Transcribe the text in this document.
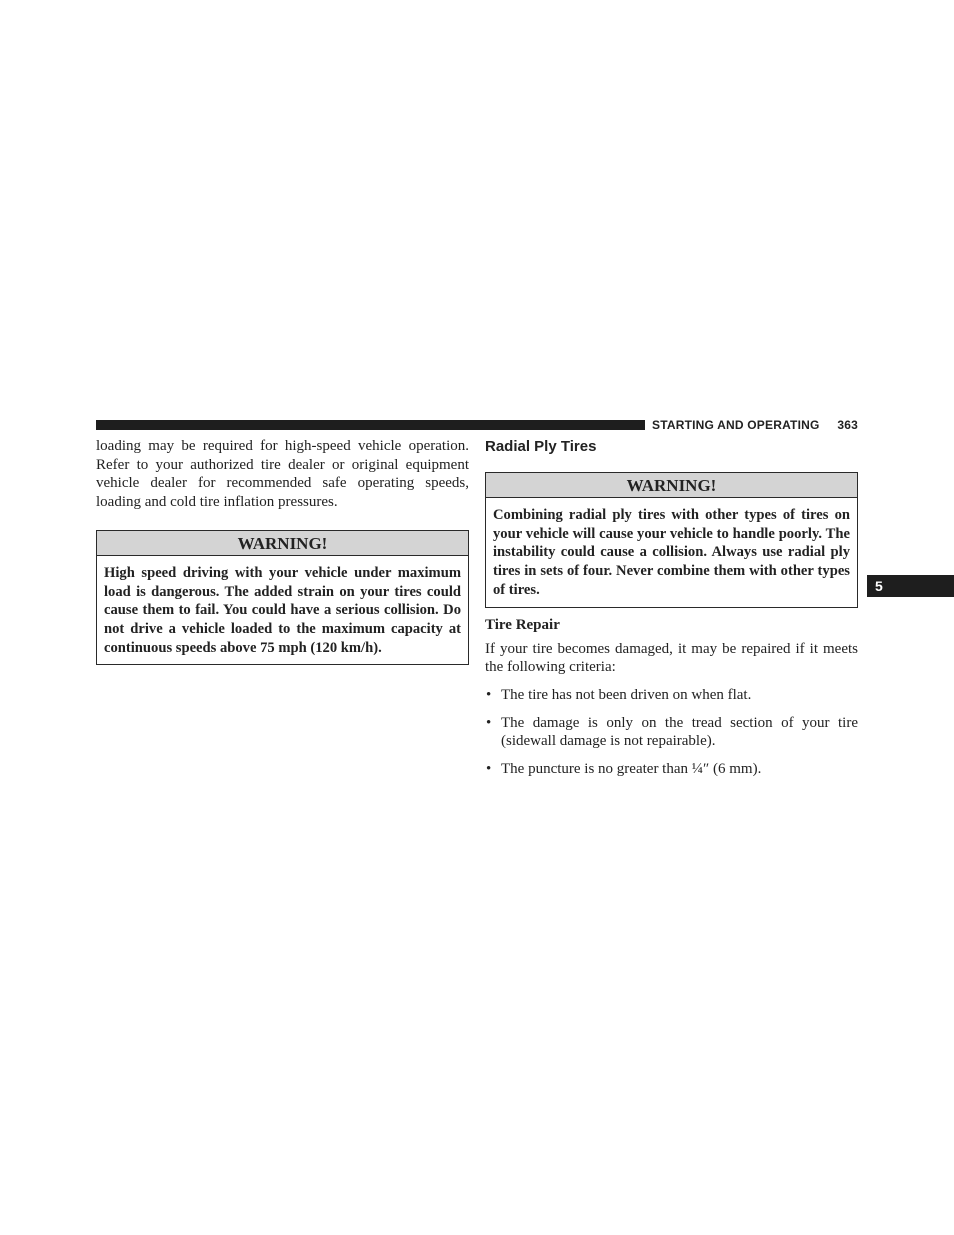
STARTING AND OPERATING 363

loading may be required for high-speed vehicle operation. Refer to your authorized tire dealer or original equipment vehicle dealer for recommended safe operating speeds, loading and cold tire inflation pressures.

WARNING!
High speed driving with your vehicle under maximum load is dangerous. The added strain on your tires could cause them to fail. You could have a serious collision. Do not drive a vehicle loaded to the maximum capacity at continuous speeds above 75 mph (120 km/h).
Radial Ply Tires
WARNING!
Combining radial ply tires with other types of tires on your vehicle will cause your vehicle to handle poorly. The instability could cause a collision. Always use radial ply tires in sets of four. Never combine them with other types of tires.
Tire Repair

If your tire becomes damaged, it may be repaired if it meets the following criteria:

• The tire has not been driven on when flat.
• The damage is only on the tread section of your tire (sidewall damage is not repairable).
• The puncture is no greater than ¼″ (6 mm).
5
